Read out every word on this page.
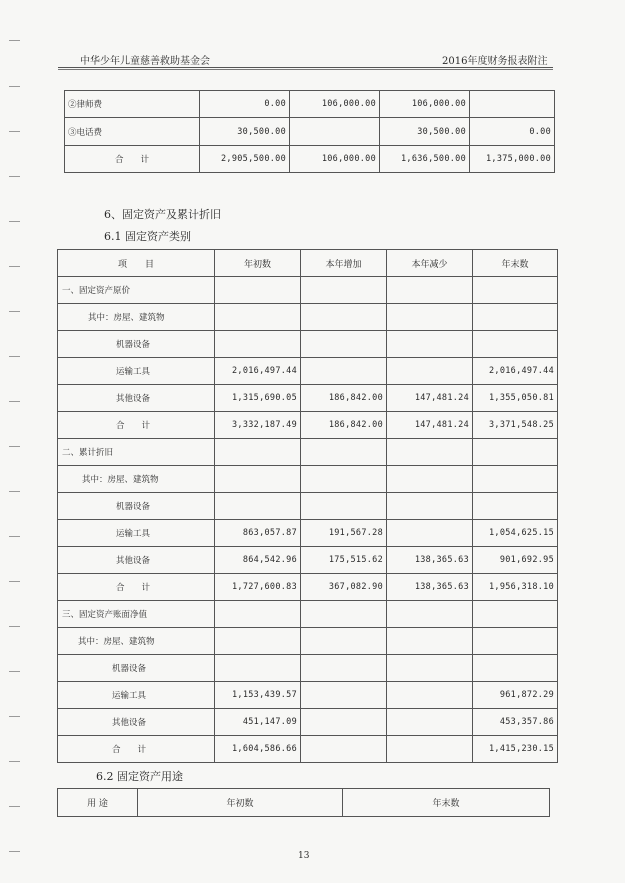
中华少年儿童慈善救助基金会	2016年度财务报表附注
②律师费	0.00	106,000.00	106,000.00	
③电话费	30,500.00		30,500.00	0.00
合　　计	2,905,500.00	106,000.00	1,636,500.00	1,375,000.00
6、固定资产及累计折旧
6.1 固定资产类别
项　　目	年初数	本年增加	本年减少	年末数
一、固定资产原价				
其中：房屋、建筑物				
机器设备				
运输工具	2,016,497.44			2,016,497.44
其他设备	1,315,690.05	186,842.00	147,481.24	1,355,050.81
合　　计	3,332,187.49	186,842.00	147,481.24	3,371,548.25
二、累计折旧				
其中：房屋、建筑物				
机器设备				
运输工具	863,057.87	191,567.28		1,054,625.15
其他设备	864,542.96	175,515.62	138,365.63	901,692.95
合　　计	1,727,600.83	367,082.90	138,365.63	1,956,318.10
三、固定资产账面净值				
其中：房屋、建筑物				
机器设备				
运输工具	1,153,439.57			961,872.29
其他设备	451,147.09			453,357.86
合　　计	1,604,586.66			1,415,230.15
6.2 固定资产用途
用 途	年初数	年末数
13
